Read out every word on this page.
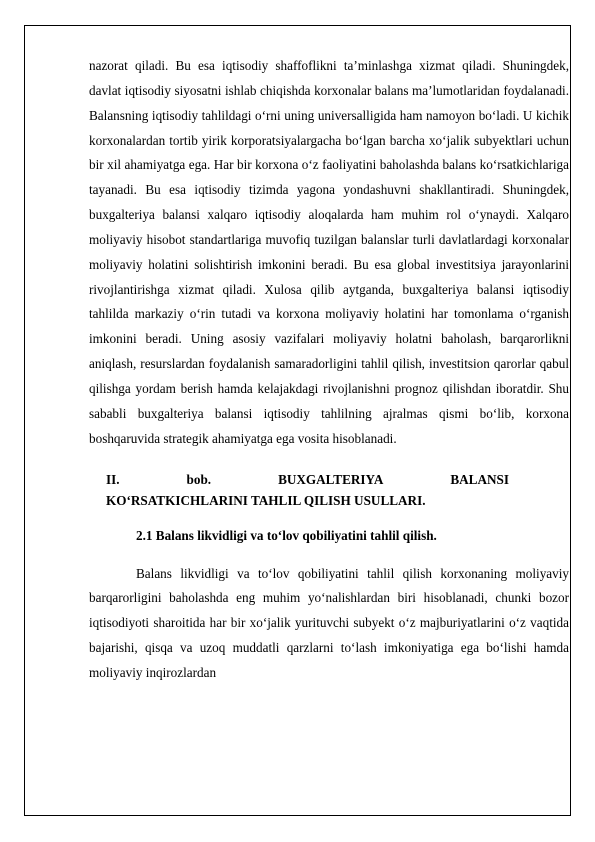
nazorat qiladi. Bu esa iqtisodiy shaffoflikni ta’minlashga xizmat qiladi. Shuningdek, davlat iqtisodiy siyosatni ishlab chiqishda korxonalar balans ma’lumotlaridan foydalanadi. Balansning iqtisodiy tahlildagi o‘rni uning universalligida ham namoyon bo‘ladi. U kichik korxonalardan tortib yirik korporatsiyalargacha bo‘lgan barcha xo‘jalik subyektlari uchun bir xil ahamiyatga ega. Har bir korxona o‘z faoliyatini baholashda balans ko‘rsatkichlariga tayanadi. Bu esa iqtisodiy tizimda yagona yondashuvni shakllantiradi. Shuningdek, buxgalteriya balansi xalqaro iqtisodiy aloqalarda ham muhim rol o‘ynaydi. Xalqaro moliyaviy hisobot standartlariga muvofiq tuzilgan balanslar turli davlatlardagi korxonalar moliyaviy holatini solishtirish imkonini beradi. Bu esa global investitsiya jarayonlarini rivojlantirishga xizmat qiladi. Xulosa qilib aytganda, buxgalteriya balansi iqtisodiy tahlilda markaziy o‘rin tutadi va korxona moliyaviy holatini har tomonlama o‘rganish imkonini beradi. Uning asosiy vazifalari moliyaviy holatni baholash, barqarorlikni aniqlash, resurslardan foydalanish samaradorligini tahlil qilish, investitsion qarorlar qabul qilishga yordam berish hamda kelajakdagi rivojlanishni prognoz qilishdan iboratdir. Shu sababli buxgalteriya balansi iqtisodiy tahlilning ajralmas qismi bo‘lib, korxona boshqaruvida strategik ahamiyatga ega vosita hisoblanadi.

II.	bob.	BUXGALTERIYA	BALANSI
KO‘RSATKICHLARINI TAHLIL QILISH USULLARI.
2.1 Balans likvidligi va to‘lov qobiliyatini tahlil qilish.

Balans likvidligi va to‘lov qobiliyatini tahlil qilish korxonaning moliyaviy barqarorligini baholashda eng muhim yo‘nalishlardan biri hisoblanadi, chunki bozor iqtisodiyoti sharoitida har bir xo‘jalik yurituvchi subyekt o‘z majburiyatlarini o‘z vaqtida bajarishi, qisqa va uzoq muddatli qarzlarni to‘lash imkoniyatiga ega bo‘lishi hamda moliyaviy inqirozlardan
